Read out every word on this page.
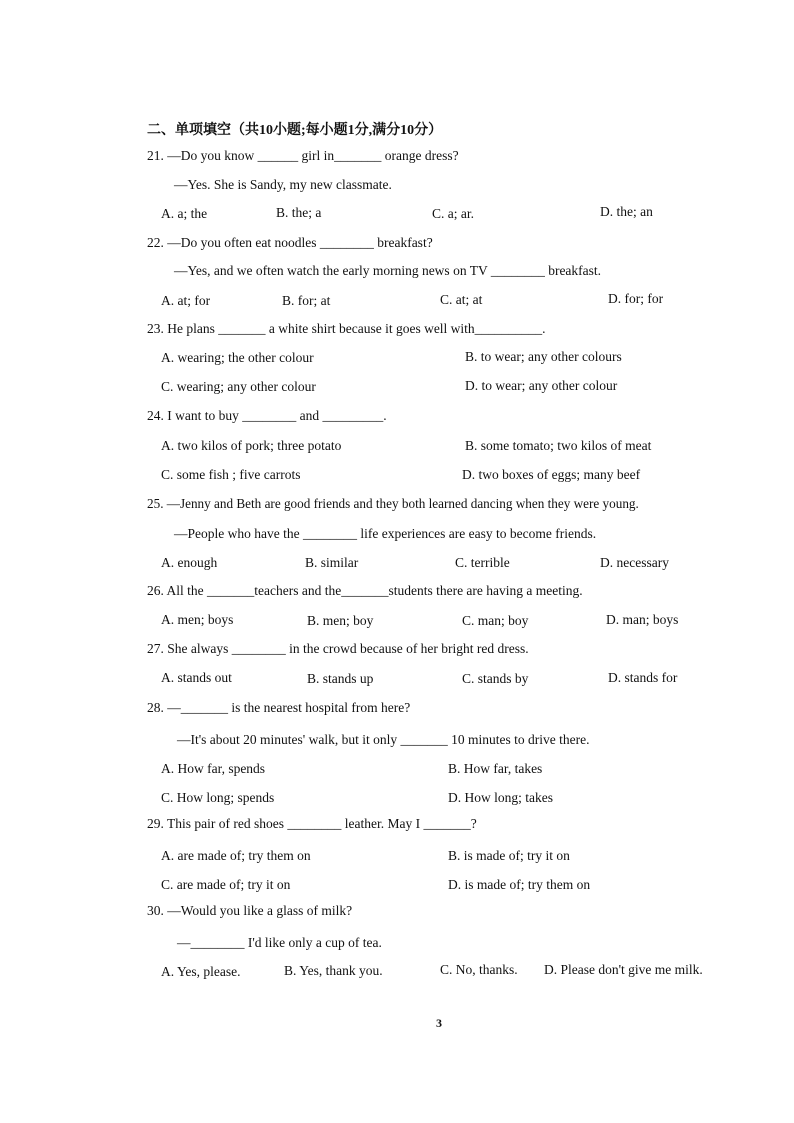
二、单项填空（共10小题;每小题1分,满分10分）
21. —Do you know ______ girl in_______ orange dress?
—Yes. She is Sandy, my new classmate.
A. a; the	B. the; a	C. a; ar.	D. the; an
22. —Do you often eat noodles ________ breakfast?
—Yes, and we often watch the early morning news on TV ________ breakfast.
A. at; for	B. for; at	C. at; at	D. for; for
23. He plans _______ a white shirt because it goes well with__________.
A. wearing; the other colour	B. to wear; any other colours
C. wearing; any other colour	D. to wear; any other colour
24. I want to buy ________ and _________.
A. two kilos of pork; three potato	B. some tomato; two kilos of meat
C. some fish ; five carrots	D. two boxes of eggs; many beef
25. —Jenny and Beth are good friends and they both learned dancing when they were young.
—People who have the ________ life experiences are easy to become friends.
A. enough	B. similar	C. terrible	D. necessary
26. All the _______teachers and the_______students there are having a meeting.
A. men; boys	B. men; boy	C. man; boy	D. man; boys
27. She always ________ in the crowd because of her bright red dress.
A. stands out	B. stands up	C. stands by	D. stands for
28. —_______ is the nearest hospital from here?
—It's about 20 minutes' walk, but it only _______ 10 minutes to drive there.
A. How far, spends	B. How far, takes
C. How long; spends	D. How long; takes
29. This pair of red shoes ________ leather. May I _______?
A. are made of; try them on	B. is made of; try it on
C. are made of; try it on	D. is made of; try them on
30. —Would you like a glass of milk?
—________ I'd like only a cup of tea.
A. Yes, please.	B. Yes, thank you.	C. No, thanks. D. Please don't give me milk.
3
